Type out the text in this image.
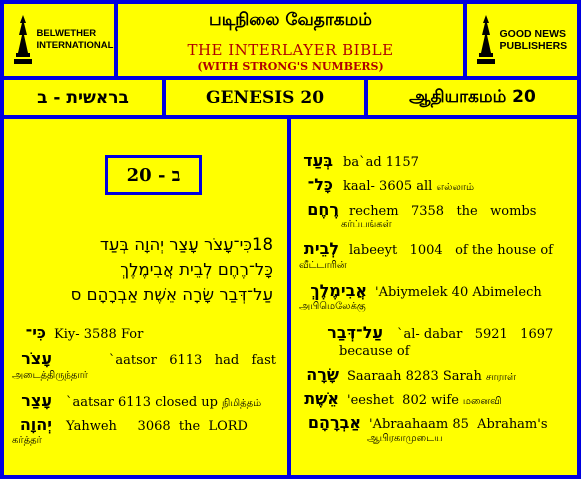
BELWETHER INTERNATIONAL
படிநிலை வேதாகமம்
THE INTERLAYER BIBLE
(WITH STRONG'S NUMBERS)
GOOD NEWS PUBLISHERS
בראשית - ב	GENESIS 20	ஆதியாகமம் 20
20 - ב
18כִּי־עָצֹר עָצַר יְהוָה בְּעַד
כָּל־רֶחֶם לְבֵית אֲבִימֶלֶךְ
עַל־דְּבַר שָׂרָה אֵשֶׁת אַבְרָהָם ס
כִּי־ Kiy- 3588 For
עָצֹר	`aatsor   6113   had   fast
அடைத்திருந்தார்
עָצַר `aatsar 6113 closed up நிமித்தம்
יְהוָה Yahweh     3068  the  LORD
கர்த்தர்
בְּעַד ba`ad 1157
כָּל־ kaal- 3605 all எல்லாம்
רֶחֶם rechem   7358   the   wombs
கர்ப்பங்கள்
לְבֵית labeeyt   1004   of the house of
வீட்டாரின்
אֲבִימֶלֶךְ 'Abiymelek 40 Abimelech
அபிமெலேக்கு
עַל־דְּבַר `al- dabar   5921   1697
because of
שָׂרָה Saaraah 8283 Sarah சாராள்
אֵשֶׁת 'eeshet  802 wife மனைவி
אַבְרָהָם 'Abraahaam 85  Abraham's
ஆபிரகாமுடைய
